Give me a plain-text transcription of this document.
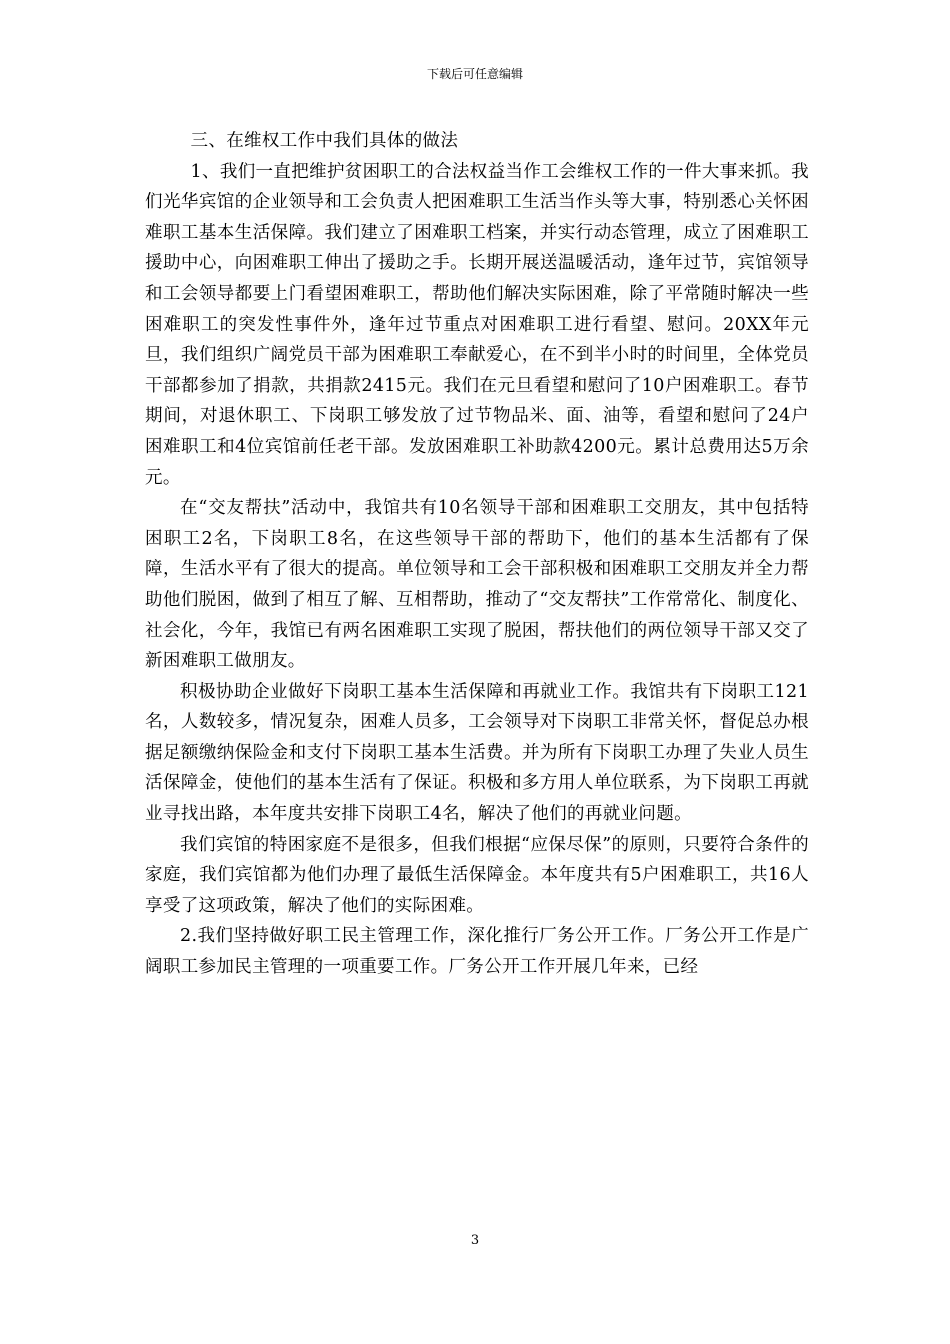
下载后可任意编辑

三、在维权工作中我们具体的做法

1、我们一直把维护贫困职工的合法权益当作工会维权工作的一件大事来抓。我们光华宾馆的企业领导和工会负责人把困难职工生活当作头等大事，特别悉心关怀困难职工基本生活保障。我们建立了困难职工档案，并实行动态管理，成立了困难职工援助中心，向困难职工伸出了援助之手。长期开展送温暖活动，逢年过节，宾馆领导和工会领导都要上门看望困难职工，帮助他们解决实际困难，除了平常随时解决一些困难职工的突发性事件外，逢年过节重点对困难职工进行看望、慰问。20XX年元旦，我们组织广阔党员干部为困难职工奉献爱心，在不到半小时的时间里，全体党员干部都参加了捐款，共捐款2415元。我们在元旦看望和慰问了10户困难职工。春节期间，对退休职工、下岗职工够发放了过节物品米、面、油等，看望和慰问了24户困难职工和4位宾馆前任老干部。发放困难职工补助款4200元。累计总费用达5万余元。

在“交友帮扶”活动中，我馆共有10名领导干部和困难职工交朋友，其中包括特困职工2名，下岗职工8名，在这些领导干部的帮助下，他们的基本生活都有了保障，生活水平有了很大的提高。单位领导和工会干部积极和困难职工交朋友并全力帮助他们脱困，做到了相互了解、互相帮助，推动了“交友帮扶”工作常常化、制度化、社会化，今年，我馆已有两名困难职工实现了脱困，帮扶他们的两位领导干部又交了新困难职工做朋友。

积极协助企业做好下岗职工基本生活保障和再就业工作。我馆共有下岗职工121名，人数较多，情况复杂，困难人员多，工会领导对下岗职工非常关怀，督促总办根据足额缴纳保险金和支付下岗职工基本生活费。并为所有下岗职工办理了失业人员生活保障金，使他们的基本生活有了保证。积极和多方用人单位联系，为下岗职工再就业寻找出路，本年度共安排下岗职工4名，解决了他们的再就业问题。

我们宾馆的特困家庭不是很多，但我们根据“应保尽保”的原则，只要符合条件的家庭，我们宾馆都为他们办理了最低生活保障金。本年度共有5户困难职工，共16人享受了这项政策，解决了他们的实际困难。

2.我们坚持做好职工民主管理工作，深化推行厂务公开工作。厂务公开工作是广阔职工参加民主管理的一项重要工作。厂务公开工作开展几年来，已经

3
